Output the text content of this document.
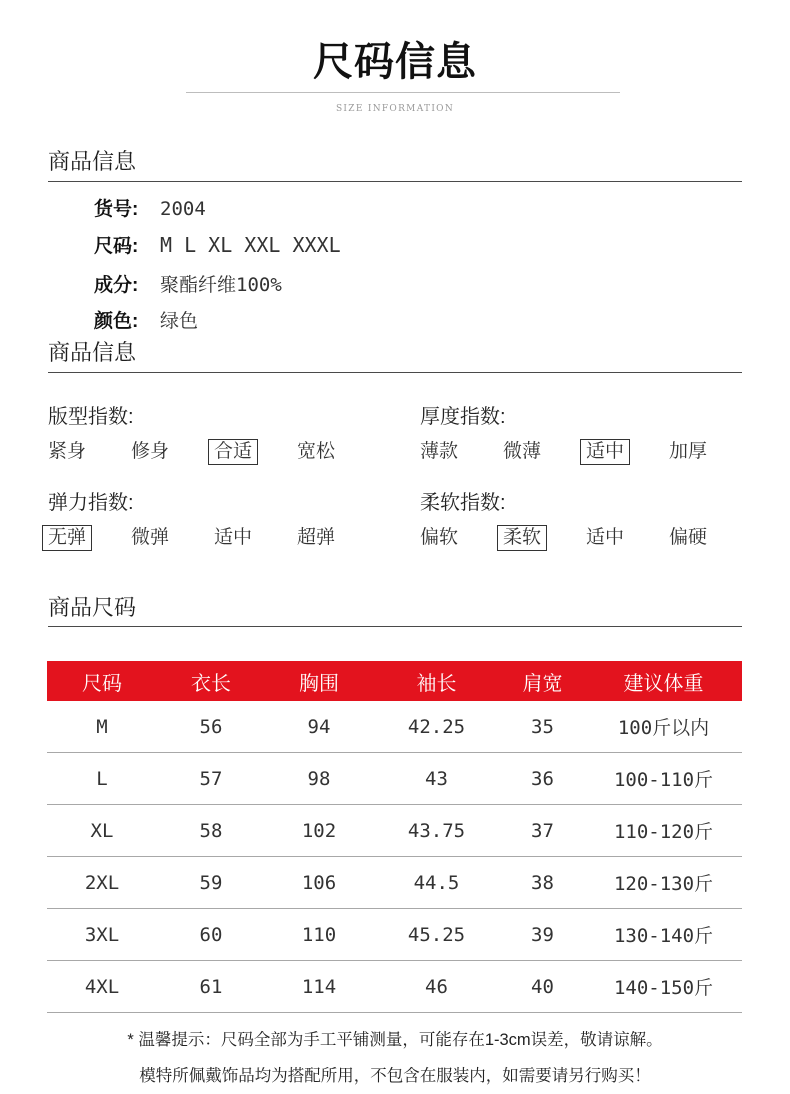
尺码信息
SIZE INFORMATION
商品信息
货号: 2004
尺码: M L XL XXL XXXL
成分: 聚酯纤维100%
颜色: 绿色
商品信息
版型指数:
紧身 修身 合适 宽松
厚度指数:
薄款 微薄 适中 加厚
弹力指数:
无弹 微弹 适中 超弹
柔软指数:
偏软 柔软 适中 偏硬
商品尺码
尺码	衣长	胸围	袖长	肩宽	建议体重
M	56	94	42.25	35	100斤以内
L	57	98	43	36	100-110斤
XL	58	102	43.75	37	110-120斤
2XL	59	106	44.5	38	120-130斤
3XL	60	110	45.25	39	130-140斤
4XL	61	114	46	40	140-150斤
* 温馨提示：尺码全部为手工平铺测量，可能存在1-3cm误差，敬请谅解。
模特所佩戴饰品均为搭配所用，不包含在服装内，如需要请另行购买！
